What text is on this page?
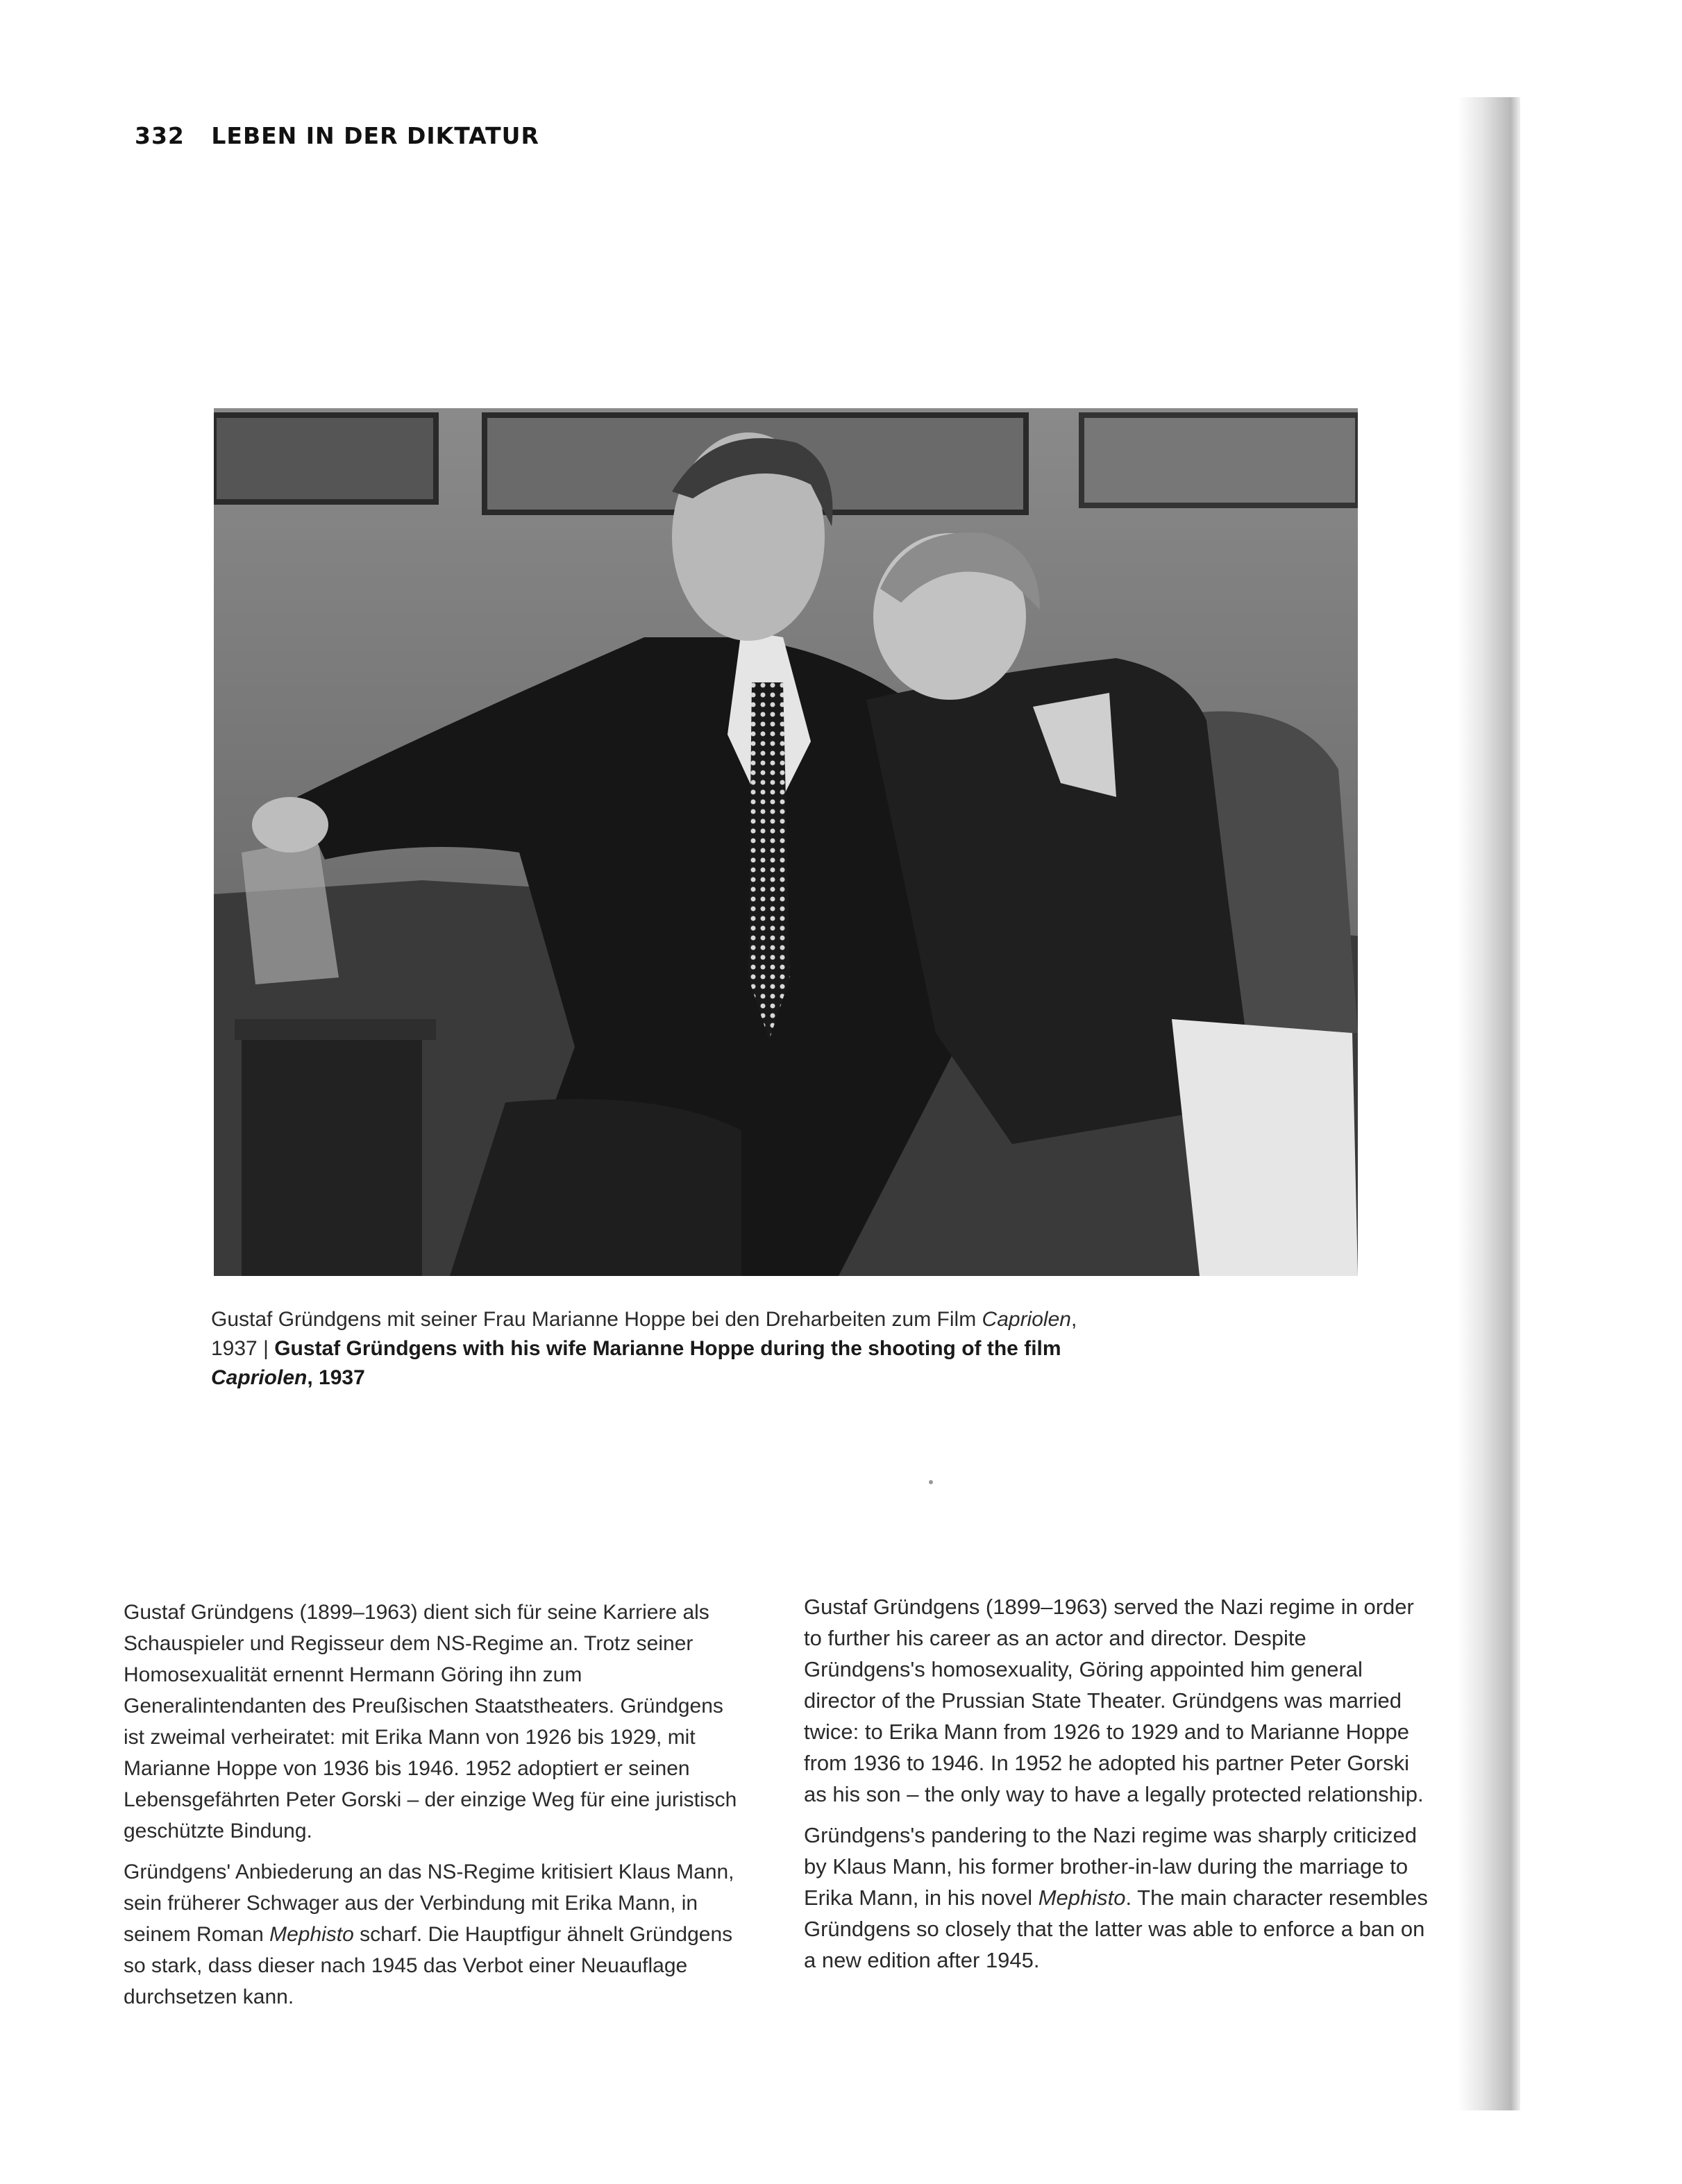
332 LEBEN IN DER DIKTATUR
Gustaf Gründgens mit seiner Frau Marianne Hoppe bei den Dreharbeiten zum Film Capriolen, 1937 | Gustaf Gründgens with his wife Marianne Hoppe during the shooting of the film Capriolen, 1937

Gustaf Gründgens (1899–1963) dient sich für seine Karriere als Schauspieler und Regisseur dem NS-Regime an. Trotz seiner Homosexualität ernennt Hermann Göring ihn zum Generalintendanten des Preußischen Staatstheaters. Gründgens ist zweimal verheiratet: mit Erika Mann von 1926 bis 1929, mit Marianne Hoppe von 1936 bis 1946. 1952 adoptiert er seinen Lebensgefährten Peter Gorski – der einzige Weg für eine juristisch geschützte Bindung.

Gründgens' Anbiederung an das NS-Regime kritisiert Klaus Mann, sein früherer Schwager aus der Verbindung mit Erika Mann, in seinem Roman Mephisto scharf. Die Hauptfigur ähnelt Gründgens so stark, dass dieser nach 1945 das Verbot einer Neuauflage durchsetzen kann.

Gustaf Gründgens (1899–1963) served the Nazi regime in order to further his career as an actor and director. Despite Gründgens's homosexuality, Göring appointed him general director of the Prussian State Theater. Gründgens was married twice: to Erika Mann from 1926 to 1929 and to Marianne Hoppe from 1936 to 1946. In 1952 he adopted his partner Peter Gorski as his son – the only way to have a legally protected relationship.

Gründgens's pandering to the Nazi regime was sharply criticized by Klaus Mann, his former brother-in-law during the marriage to Erika Mann, in his novel Mephisto. The main character resembles Gründgens so closely that the latter was able to enforce a ban on a new edition after 1945.
